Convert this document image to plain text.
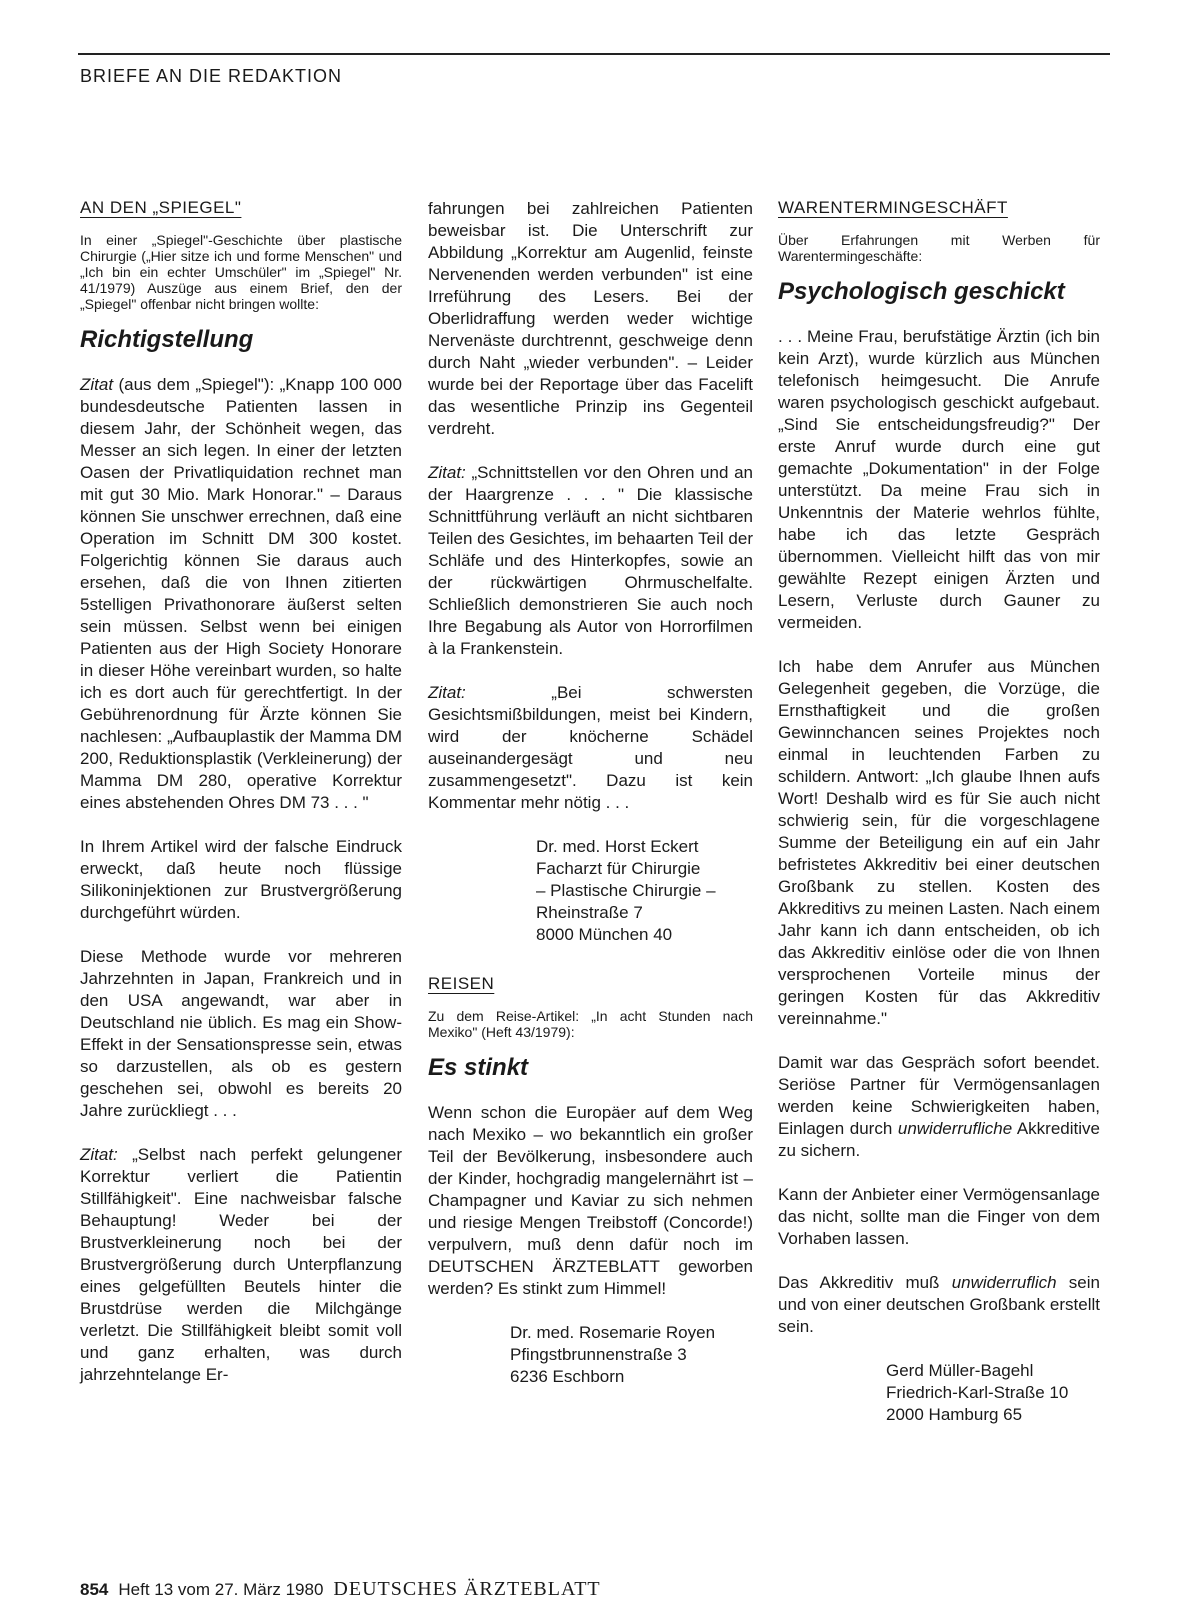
BRIEFE AN DIE REDAKTION
AN DEN „SPIEGEL"

In einer „Spiegel"-Geschichte über plastische Chirurgie („Hier sitze ich und forme Menschen" und „Ich bin ein echter Umschüler" im „Spiegel" Nr. 41/1979) Auszüge aus einem Brief, den der „Spiegel" offenbar nicht bringen wollte:

Richtigstellung

Zitat (aus dem „Spiegel"): „Knapp 100 000 bundesdeutsche Patienten lassen in diesem Jahr, der Schönheit wegen, das Messer an sich legen. In einer der letzten Oasen der Privatliquidation rechnet man mit gut 30 Mio. Mark Honorar." – Daraus können Sie unschwer errechnen, daß eine Operation im Schnitt DM 300 kostet. Folgerichtig können Sie daraus auch ersehen, daß die von Ihnen zitierten 5stelligen Privathonorare äußerst selten sein müssen. Selbst wenn bei einigen Patienten aus der High Society Honorare in dieser Höhe vereinbart wurden, so halte ich es dort auch für gerechtfertigt. In der Gebührenordnung für Ärzte können Sie nachlesen: „Aufbauplastik der Mamma DM 200, Reduktionsplastik (Verkleinerung) der Mamma DM 280, operative Korrektur eines abstehenden Ohres DM 73 . . . "

In Ihrem Artikel wird der falsche Eindruck erweckt, daß heute noch flüssige Silikoninjektionen zur Brustvergrößerung durchgeführt würden.

Diese Methode wurde vor mehreren Jahrzehnten in Japan, Frankreich und in den USA angewandt, war aber in Deutschland nie üblich. Es mag ein Show-Effekt in der Sensationspresse sein, etwas so darzustellen, als ob es gestern geschehen sei, obwohl es bereits 20 Jahre zurückliegt . . .

Zitat: „Selbst nach perfekt gelungener Korrektur verliert die Patientin Stillfähigkeit". Eine nachweisbar falsche Behauptung! Weder bei der Brustverkleinerung noch bei der Brustvergrößerung durch Unterpflanzung eines gelgefüllten Beutels hinter die Brustdrüse werden die Milchgänge verletzt. Die Stillfähigkeit bleibt somit voll und ganz erhalten, was durch jahrzehntelange Er-

fahrungen bei zahlreichen Patienten beweisbar ist. Die Unterschrift zur Abbildung „Korrektur am Augenlid, feinste Nervenenden werden verbunden" ist eine Irreführung des Lesers. Bei der Oberlidraffung werden weder wichtige Nervenäste durchtrennt, geschweige denn durch Naht „wieder verbunden". – Leider wurde bei der Reportage über das Facelift das wesentliche Prinzip ins Gegenteil verdreht.

Zitat: „Schnittstellen vor den Ohren und an der Haargrenze . . . " Die klassische Schnittführung verläuft an nicht sichtbaren Teilen des Gesichtes, im behaarten Teil der Schläfe und des Hinterkopfes, sowie an der rückwärtigen Ohrmuschelfalte. Schließlich demonstrieren Sie auch noch Ihre Begabung als Autor von Horrorfilmen à la Frankenstein.

Zitat: „Bei schwersten Gesichtsmißbildungen, meist bei Kindern, wird der knöcherne Schädel auseinandergesägt und neu zusammengesetzt". Dazu ist kein Kommentar mehr nötig . . .

Dr. med. Horst Eckert
Facharzt für Chirurgie
– Plastische Chirurgie –
Rheinstraße 7
8000 München 40
REISEN

Zu dem Reise-Artikel: „In acht Stunden nach Mexiko" (Heft 43/1979):

Es stinkt

Wenn schon die Europäer auf dem Weg nach Mexiko – wo bekanntlich ein großer Teil der Bevölkerung, insbesondere auch der Kinder, hochgradig mangelernährt ist – Champagner und Kaviar zu sich nehmen und riesige Mengen Treibstoff (Concorde!) verpulvern, muß denn dafür noch im DEUTSCHEN ÄRZTEBLATT geworben werden? Es stinkt zum Himmel!

Dr. med. Rosemarie Royen
Pfingstbrunnenstraße 3
6236 Eschborn
WARENTERMINGESCHÄFT

Über Erfahrungen mit Werben für Warentermingeschäfte:

Psychologisch geschickt

. . . Meine Frau, berufstätige Ärztin (ich bin kein Arzt), wurde kürzlich aus München telefonisch heimgesucht. Die Anrufe waren psychologisch geschickt aufgebaut. „Sind Sie entscheidungsfreudig?" Der erste Anruf wurde durch eine gut gemachte „Dokumentation" in der Folge unterstützt. Da meine Frau sich in Unkenntnis der Materie wehrlos fühlte, habe ich das letzte Gespräch übernommen. Vielleicht hilft das von mir gewählte Rezept einigen Ärzten und Lesern, Verluste durch Gauner zu vermeiden.

Ich habe dem Anrufer aus München Gelegenheit gegeben, die Vorzüge, die Ernsthaftigkeit und die großen Gewinnchancen seines Projektes noch einmal in leuchtenden Farben zu schildern. Antwort: „Ich glaube Ihnen aufs Wort! Deshalb wird es für Sie auch nicht schwierig sein, für die vorgeschlagene Summe der Beteiligung ein auf ein Jahr befristetes Akkreditiv bei einer deutschen Großbank zu stellen. Kosten des Akkreditivs zu meinen Lasten. Nach einem Jahr kann ich dann entscheiden, ob ich das Akkreditiv einlöse oder die von Ihnen versprochenen Vorteile minus der geringen Kosten für das Akkreditiv vereinnahme."

Damit war das Gespräch sofort beendet. Seriöse Partner für Vermögensanlagen werden keine Schwierigkeiten haben, Einlagen durch unwiderrufliche Akkreditive zu sichern.

Kann der Anbieter einer Vermögensanlage das nicht, sollte man die Finger von dem Vorhaben lassen.

Das Akkreditiv muß unwiderruflich sein und von einer deutschen Großbank erstellt sein.

Gerd Müller-Bagehl
Friedrich-Karl-Straße 10
2000 Hamburg 65
854 Heft 13 vom 27. März 1980 DEUTSCHES ÄRZTEBLATT
